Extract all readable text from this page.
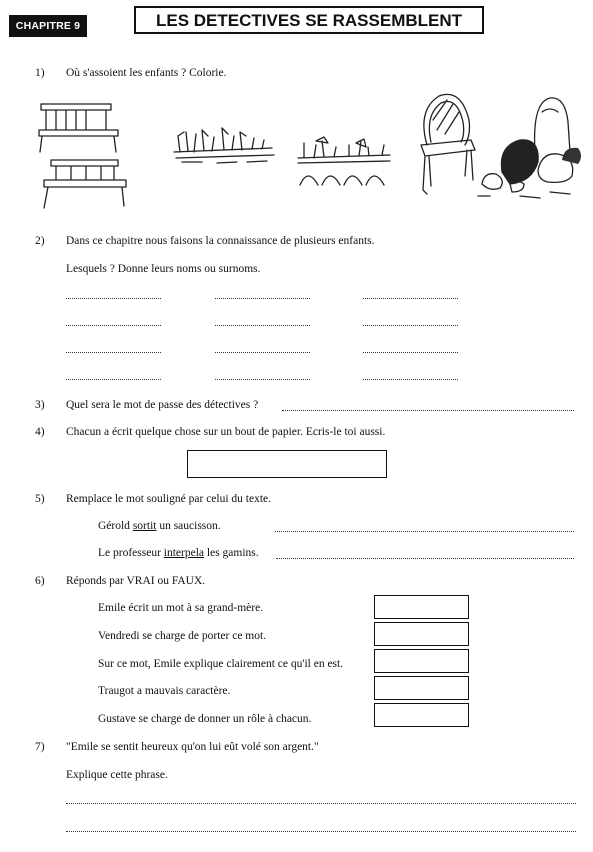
CHAPITRE 9	LES DETECTIVES SE RASSEMBLENT
1) Où s'assoient les enfants ? Colorie.
2) Dans ce chapitre nous faisons la connaissance de plusieurs enfants.
Lesquels ? Donne leurs noms ou surnoms.
3) Quel sera le mot de passe des détectives ?
4) Chacun a écrit quelque chose sur un bout de papier. Ecris-le toi aussi.
5) Remplace le mot souligné par celui du texte.
Gérold sortit un saucisson.
Le professeur interpela les gamins.
6) Réponds par VRAI ou FAUX.
Emile écrit un mot à sa grand-mère.
Vendredi se charge de porter ce mot.
Sur ce mot, Emile explique clairement ce qu'il en est.
Traugot a mauvais caractère.
Gustave se charge de donner un rôle à chacun.
7) "Emile se sentit heureux qu'on lui eût volé son argent."
Explique cette phrase.
